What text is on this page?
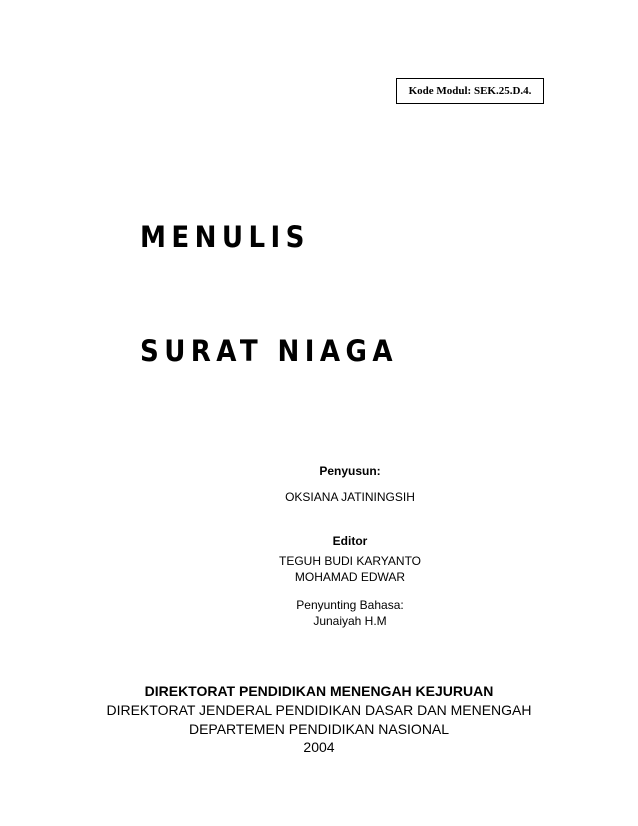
Kode Modul: SEK.25.D.4.

MENULIS

SURAT NIAGA

Penyusun:
OKSIANA JATININGSIH
Editor
TEGUH BUDI KARYANTO
MOHAMAD EDWAR
Penyunting Bahasa:
Junaiyah H.M
DIREKTORAT PENDIDIKAN MENENGAH KEJURUAN
DIREKTORAT JENDERAL PENDIDIKAN DASAR DAN MENENGAH
DEPARTEMEN PENDIDIKAN NASIONAL
2004
